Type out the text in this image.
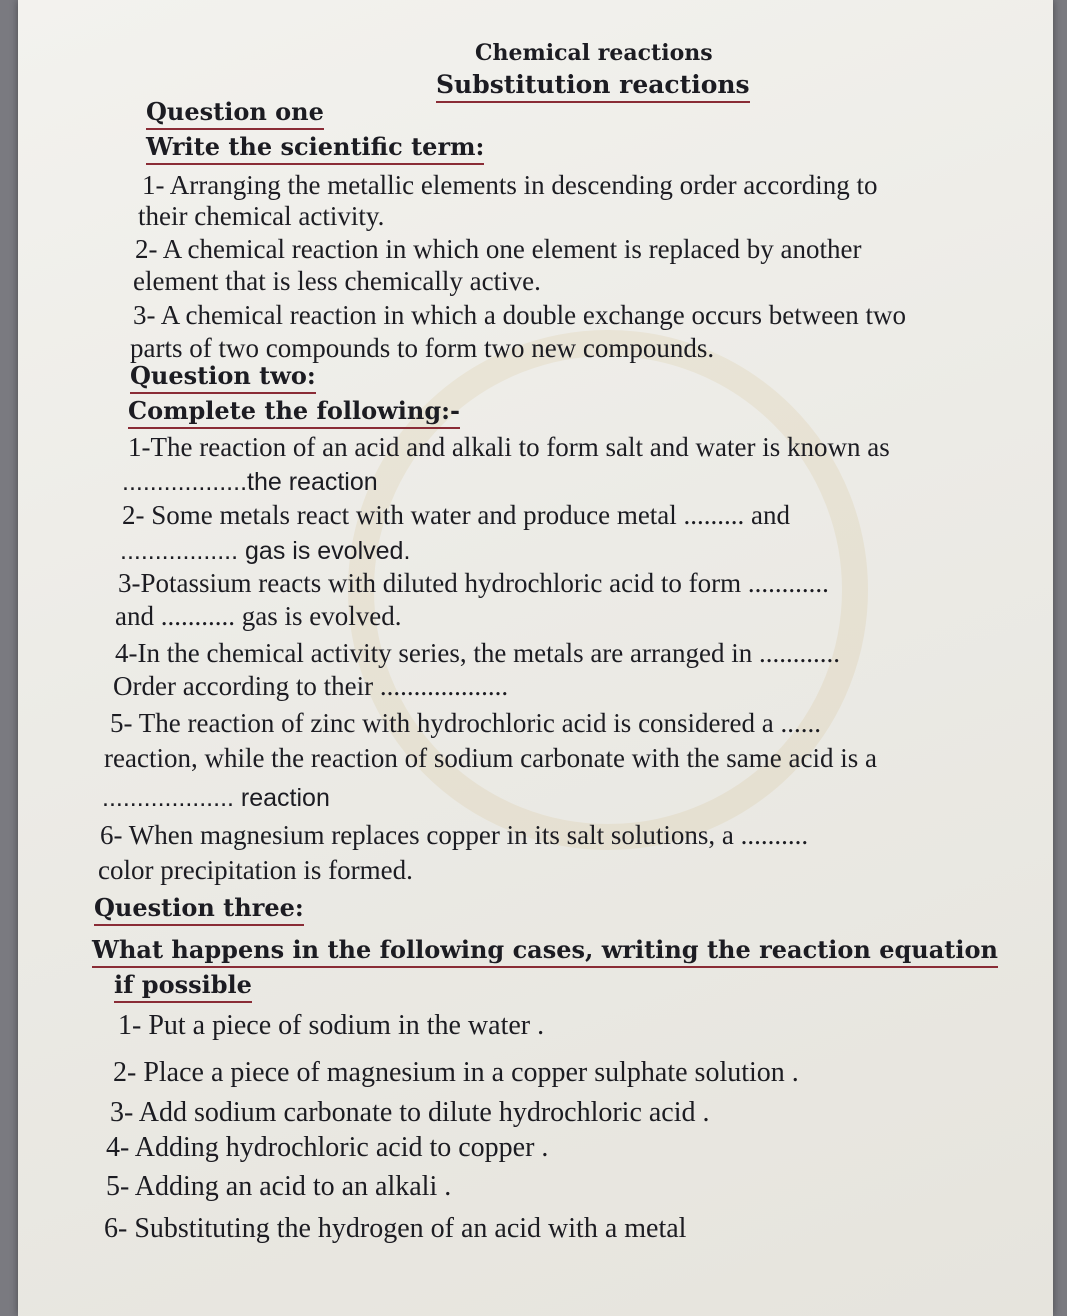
Chemical reactions
Substitution reactions
Question one
Write the scientific term:
1- Arranging the metallic elements in descending order according to
their chemical activity.
2- A chemical reaction in which one element is replaced by another
element that is less chemically active.
3- A chemical reaction in which a double exchange occurs between two
parts of two compounds to form two new compounds.
Question two:
Complete the following:-
1-The reaction of an acid and alkali to form salt and water is known as
..................the reaction
2- Some metals react with water and produce metal ......... and
................. gas is evolved.
3-Potassium reacts with diluted hydrochloric acid to form ............
and ........... gas is evolved.
4-In the chemical activity series, the metals are arranged in ............
Order according to their ...................
5- The reaction of zinc with hydrochloric acid is considered a ......
reaction, while the reaction of sodium carbonate with the same acid is a
................... reaction
6- When magnesium replaces copper in its salt solutions, a ..........
color precipitation is formed.
Question three:
What happens in the following cases, writing the reaction equation
if possible
1- Put a piece of sodium in the water .
2- Place a piece of magnesium in a copper sulphate solution .
3- Add sodium carbonate to dilute hydrochloric acid .
4- Adding hydrochloric acid to copper .
5- Adding an acid to an alkali .
6- Substituting the hydrogen of an acid with a metal
